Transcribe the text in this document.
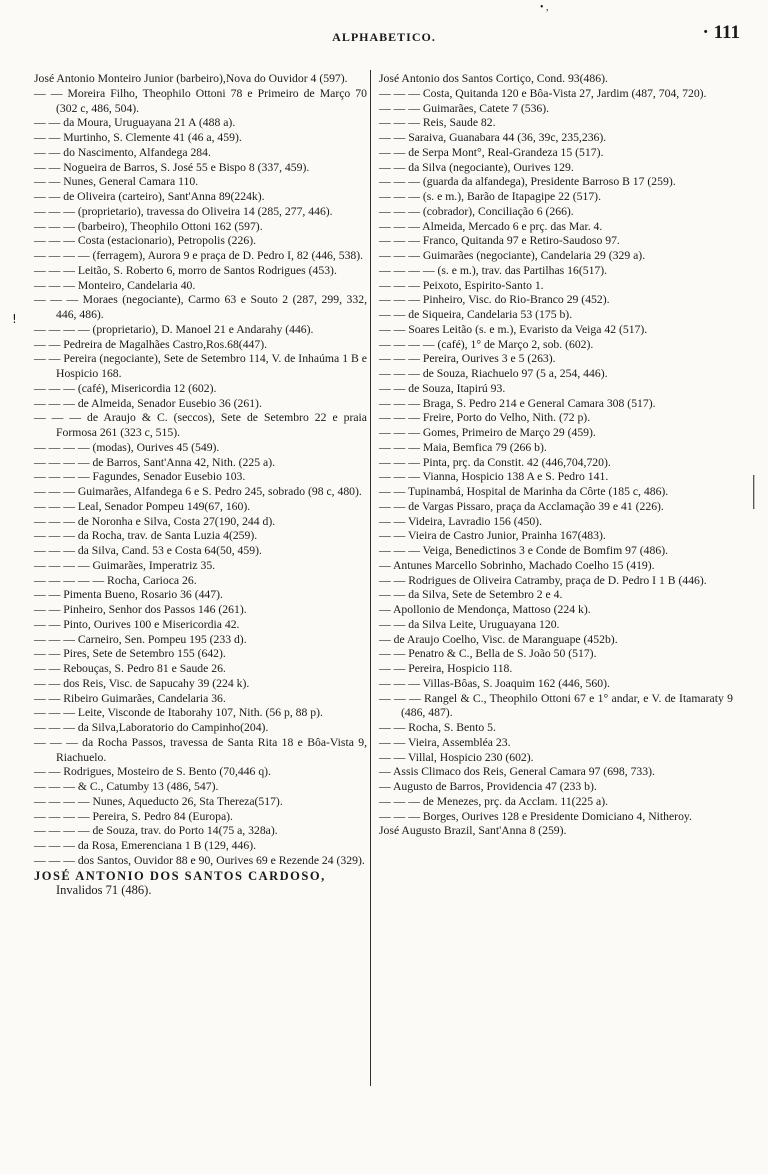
• ,
ALPHABETICO.	· 111
!
|
José Antonio Monteiro Junior (barbeiro),Nova do Ouvidor 4 (597).
— — Moreira Filho, Theophilo Ottoni 78 e Primeiro de Março 70 (302 c, 486, 504).
— — da Moura, Uruguayana 21 A (488 a).
— — Murtinho, S. Clemente 41 (46 a, 459).
— — do Nascimento, Alfandega 284.
— — Nogueira de Barros, S. José 55 e Bispo 8 (337, 459).
— — Nunes, General Camara 110.
— — de Oliveira (carteiro), Sant'Anna 89(224k).
— — — (proprietario), travessa do Oliveira 14 (285, 277, 446).
— — — (barbeiro), Theophilo Ottoni 162 (597).
— — — Costa (estacionario), Petropolis (226).
— — — — (ferragem), Aurora 9 e praça de D. Pedro I, 82 (446, 538).
— — — Leitão, S. Roberto 6, morro de Santos Rodrigues (453).
— — — Monteiro, Candelaria 40.
— — — Moraes (negociante), Carmo 63 e Souto 2 (287, 299, 332, 446, 486).
— — — — (proprietario), D. Manoel 21 e Andarahy (446).
— — Pedreira de Magalhães Castro,Ros.68(447).
— — Pereira (negociante), Sete de Setembro 114, V. de Inhaúma 1 B e Hospicio 168.
— — — (café), Misericordia 12 (602).
— — — de Almeida, Senador Eusebio 36 (261).
— — — de Araujo & C. (seccos), Sete de Setembro 22 e praia Formosa 261 (323 c, 515).
— — — — (modas), Ourives 45 (549).
— — — — de Barros, Sant'Anna 42, Nith. (225 a).
— — — — Fagundes, Senador Eusebio 103.
— — — Guimarães, Alfandega 6 e S. Pedro 245, sobrado (98 c, 480).
— — — Leal, Senador Pompeu 149(67, 160).
— — — de Noronha e Silva, Costa 27(190, 244 d).
— — — da Rocha, trav. de Santa Luzia 4(259).
— — — da Silva, Cand. 53 e Costa 64(50, 459).
— — — — Guimarães, Imperatriz 35.
— — — — — Rocha, Carioca 26.
— — Pimenta Bueno, Rosario 36 (447).
— — Pinheiro, Senhor dos Passos 146 (261).
— — Pinto, Ourives 100 e Misericordia 42.
— — — Carneiro, Sen. Pompeu 195 (233 d).
— — Pires, Sete de Setembro 155 (642).
— — Rebouças, S. Pedro 81 e Saude 26.
— — dos Reis, Visc. de Sapucahy 39 (224 k).
— — Ribeiro Guimarães, Candelaria 36.
— — — Leite, Visconde de Itaborahy 107, Nith. (56 p, 88 p).
— — — da Silva,Laboratorio do Campinho(204).
— — — da Rocha Passos, travessa de Santa Rita 18 e Bôa-Vista 9, Riachuelo.
— — Rodrigues, Mosteiro de S. Bento (70,446 q).
— — — & C., Catumby 13 (486, 547).
— — — — Nunes, Aqueducto 26, Sta Thereza(517).
— — — — Pereira, S. Pedro 84 (Europa).
— — — — de Souza, trav. do Porto 14(75 a, 328a).
— — — da Rosa, Emerenciana 1 B (129, 446).
— — — dos Santos, Ouvidor 88 e 90, Ourives 69 e Rezende 24 (329).
JOSÉ ANTONIO DOS SANTOS CARDOSO, Invalidos 71 (486).
José Antonio dos Santos Cortiço, Cond. 93(486).
— — — Costa, Quitanda 120 e Bôa-Vista 27, Jardim (487, 704, 720).
— — — Guimarães, Catete 7 (536).
— — — Reis, Saude 82.
— — Saraiva, Guanabara 44 (36, 39c, 235,236).
— — de Serpa Mont°, Real-Grandeza 15 (517).
— — da Silva (negociante), Ourives 129.
— — — (guarda da alfandega), Presidente Barroso B 17 (259).
— — — (s. e m.), Barão de Itapagipe 22 (517).
— — — (cobrador), Conciliação 6 (266).
— — — Almeida, Mercado 6 e prç. das Mar. 4.
— — — Franco, Quitanda 97 e Retiro-Saudoso 97.
— — — Guimarães (negociante), Candelaria 29 (329 a).
— — — — (s. e m.), trav. das Partilhas 16(517).
— — — Peixoto, Espirito-Santo 1.
— — — Pinheiro, Visc. do Rio-Branco 29 (452).
— — de Siqueira, Candelaria 53 (175 b).
— — Soares Leitão (s. e m.), Evaristo da Veiga 42 (517).
— — — — (café), 1° de Março 2, sob. (602).
— — — Pereira, Ourives 3 e 5 (263).
— — — de Souza, Riachuelo 97 (5 a, 254, 446).
— — de Souza, Itapirú 93.
— — — Braga, S. Pedro 214 e General Camara 308 (517).
— — — Freire, Porto do Velho, Nith. (72 p).
— — — Gomes, Primeiro de Março 29 (459).
— — — Maia, Bemfica 79 (266 b).
— — — Pinta, prç. da Constit. 42 (446,704,720).
— — — Vianna, Hospicio 138 A e S. Pedro 141.
— — Tupinambá, Hospital de Marinha da Côrte (185 c, 486).
— — de Vargas Pissaro, praça da Acclamação 39 e 41 (226).
— — Videira, Lavradio 156 (450).
— — Vieira de Castro Junior, Prainha 167(483).
— — — Veiga, Benedictinos 3 e Conde de Bomfim 97 (486).
— Antunes Marcello Sobrinho, Machado Coelho 15 (419).
— — Rodrigues de Oliveira Catramby, praça de D. Pedro I 1 B (446).
— — da Silva, Sete de Setembro 2 e 4.
— Apollonio de Mendonça, Mattoso (224 k).
— — da Silva Leite, Uruguayana 120.
— de Araujo Coelho, Visc. de Maranguape (452b).
— — Penatro & C., Bella de S. João 50 (517).
— — Pereira, Hospicio 118.
— — — Villas-Bôas, S. Joaquim 162 (446, 560).
— — — Rangel & C., Theophilo Ottoni 67 e 1° andar, e V. de Itamaraty 9 (486, 487).
— — Rocha, S. Bento 5.
— — Vieira, Assembléa 23.
— — Villal, Hospicio 230 (602).
— Assis Climaco dos Reis, General Camara 97 (698, 733).
— Augusto de Barros, Providencia 47 (233 b).
— — — de Menezes, prç. da Acclam. 11(225 a).
— — — Borges, Ourives 128 e Presidente Domiciano 4, Nitheroy.
José Augusto Brazil, Sant'Anna 8 (259).
